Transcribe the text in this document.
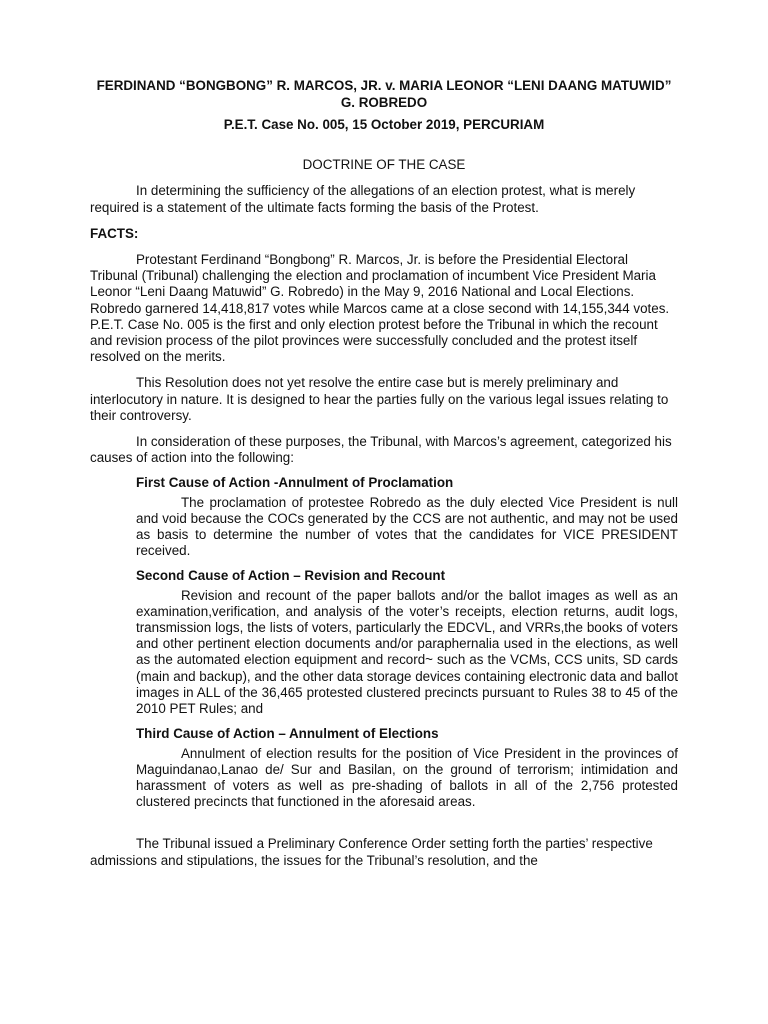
FERDINAND “BONGBONG” R. MARCOS, JR. v. MARIA LEONOR “LENI DAANG MATUWID” G. ROBREDO

P.E.T. Case No. 005, 15 October 2019, PERCURIAM

DOCTRINE OF THE CASE

In determining the sufficiency of the allegations of an election protest, what is merely required is a statement of the ultimate facts forming the basis of the Protest.

FACTS:

Protestant Ferdinand “Bongbong” R. Marcos, Jr. is before the Presidential Electoral Tribunal (Tribunal) challenging the election and proclamation of incumbent Vice President Maria Leonor “Leni Daang Matuwid” G. Robredo) in the May 9, 2016 National and Local Elections. Robredo garnered 14,418,817 votes while Marcos came at a close second with 14,155,344 votes. P.E.T. Case No. 005 is the first and only election protest before the Tribunal in which the recount and revision process of the pilot provinces were successfully concluded and the protest itself resolved on the merits.

This Resolution does not yet resolve the entire case but is merely preliminary and interlocutory in nature. It is designed to hear the parties fully on the various legal issues relating to their controversy.

In consideration of these purposes, the Tribunal, with Marcos’s agreement, categorized his causes of action into the following:

First Cause of Action -Annulment of Proclamation

The proclamation of protestee Robredo as the duly elected Vice President is null and void because the COCs generated by the CCS are not authentic, and may not be used as basis to determine the number of votes that the candidates for VICE PRESIDENT received.

Second Cause of Action – Revision and Recount

Revision and recount of the paper ballots and/or the ballot images as well as an examination,verification, and analysis of the voter’s receipts, election returns, audit logs, transmission logs, the lists of voters, particularly the EDCVL, and VRRs,the books of voters and other pertinent election documents and/or paraphernalia used in the elections, as well as the automated election equipment and record~ such as the VCMs, CCS units, SD cards (main and backup), and the other data storage devices containing electronic data and ballot images in ALL of the 36,465 protested clustered precincts pursuant to Rules 38 to 45 of the 2010 PET Rules; and

Third Cause of Action – Annulment of Elections

Annulment of election results for the position of Vice President in the provinces of Maguindanao,Lanao de/ Sur and Basilan, on the ground of terrorism; intimidation and harassment of voters as well as pre-shading of ballots in all of the 2,756 protested clustered precincts that functioned in the aforesaid areas.

The Tribunal issued a Preliminary Conference Order setting forth the parties’ respective admissions and stipulations, the issues for the Tribunal’s resolution, and the
